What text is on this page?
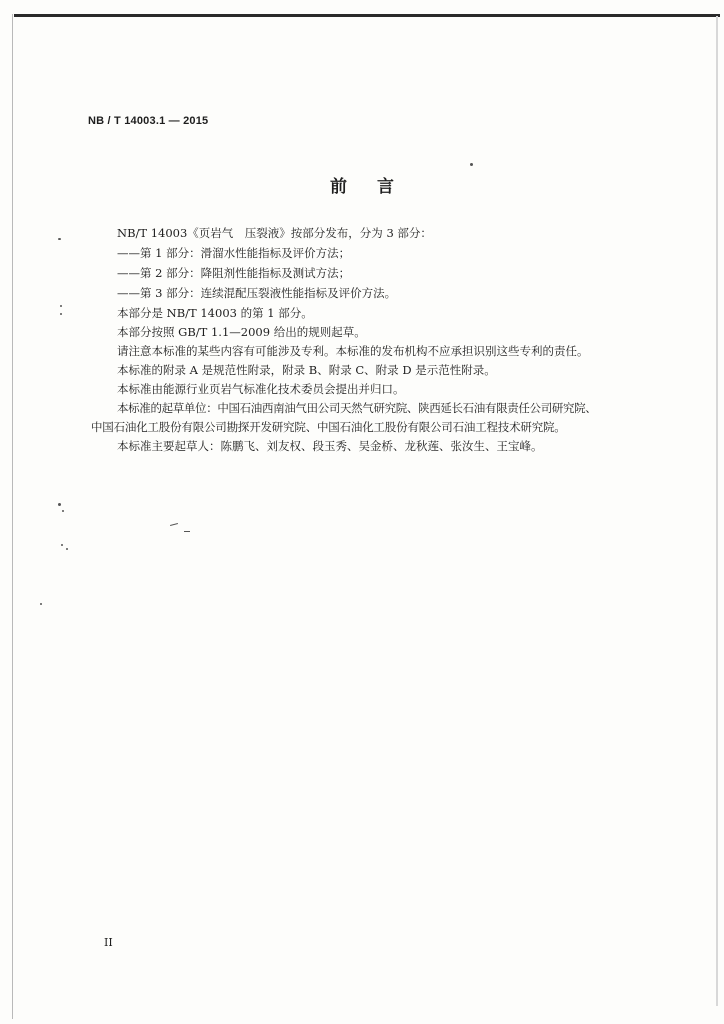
NB / T 14003.1 — 2015
前言
NB/T 14003《页岩气　压裂液》按部分发布，分为 3 部分：
——第 1 部分：滑溜水性能指标及评价方法；
——第 2 部分：降阻剂性能指标及测试方法；
——第 3 部分：连续混配压裂液性能指标及评价方法。
本部分是 NB/T 14003 的第 1 部分。
本部分按照 GB/T 1.1—2009 给出的规则起草。
请注意本标准的某些内容有可能涉及专利。本标准的发布机构不应承担识别这些专利的责任。
本标准的附录 A 是规范性附录，附录 B、附录 C、附录 D 是示范性附录。
本标准由能源行业页岩气标准化技术委员会提出并归口。
本标准的起草单位：中国石油西南油气田公司天然气研究院、陕西延长石油有限责任公司研究院、
中国石油化工股份有限公司勘探开发研究院、中国石油化工股份有限公司石油工程技术研究院。
本标准主要起草人：陈鹏飞、刘友权、段玉秀、吴金桥、龙秋莲、张汝生、王宝峰。
II
